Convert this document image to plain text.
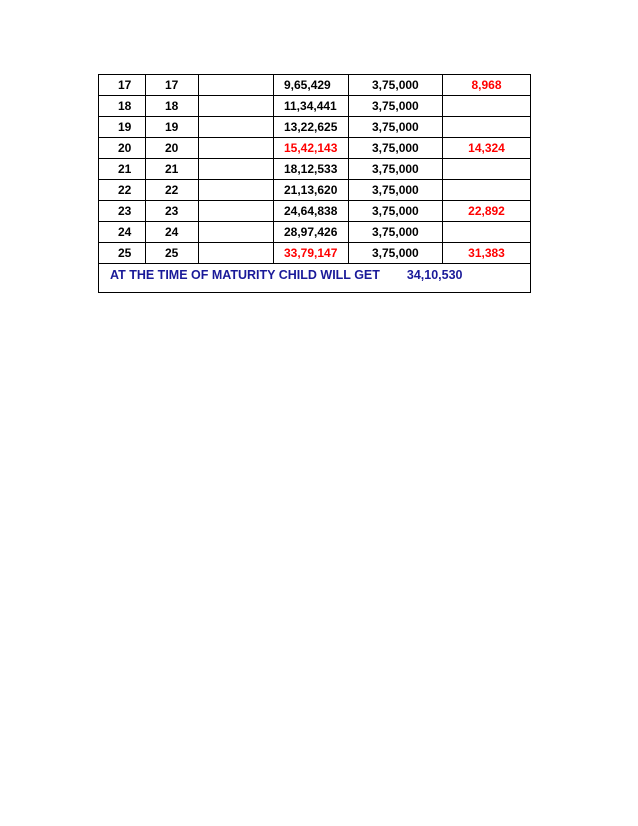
17	17		9,65,429	3,75,000	8,968
18	18		11,34,441	3,75,000	
19	19		13,22,625	3,75,000	
20	20		15,42,143	3,75,000	14,324
21	21		18,12,533	3,75,000	
22	22		21,13,620	3,75,000	
23	23		24,64,838	3,75,000	22,892
24	24		28,97,426	3,75,000	
25	25		33,79,147	3,75,000	31,383
AT THE TIME OF MATURITY CHILD WILL GET 34,10,530					
